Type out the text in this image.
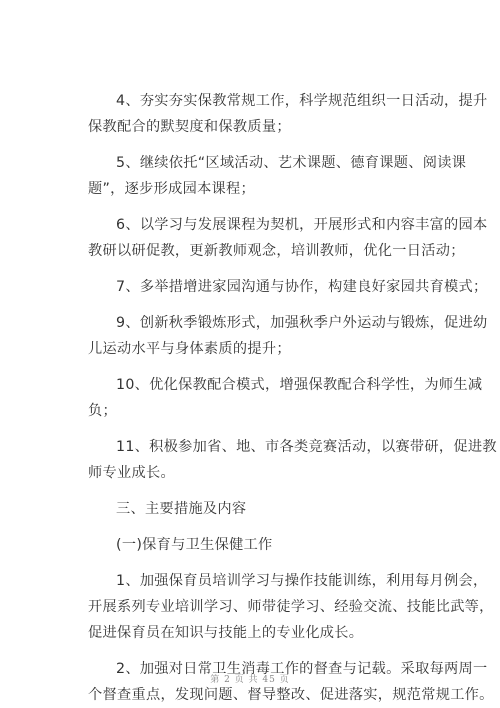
4、夯实夯实保教常规工作，科学规范组织一日活动，提升
保教配合的默契度和保教质量；

5、继续依托“区域活动、艺术课题、德育课题、阅读课
题”，逐步形成园本课程；

6、以学习与发展课程为契机，开展形式和内容丰富的园本
教研以研促教，更新教师观念，培训教师，优化一日活动；

7、多举措增进家园沟通与协作，构建良好家园共育模式；

9、创新秋季锻炼形式，加强秋季户外运动与锻炼，促进幼
儿运动水平与身体素质的提升；

10、优化保教配合模式，增强保教配合科学性，为师生减
负；

11、积极参加省、地、市各类竞赛活动，以赛带研，促进教
师专业成长。

三、主要措施及内容

(一)保育与卫生保健工作

1、加强保育员培训学习与操作技能训练，利用每月例会，
开展系列专业培训学习、师带徒学习、经验交流、技能比武等，
促进保育员在知识与技能上的专业化成长。

2、加强对日常卫生消毒工作的督查与记载。采取每两周一
个督查重点，发现问题、督导整改、促进落实，规范常规工作。

第 2 页 共 45 页
